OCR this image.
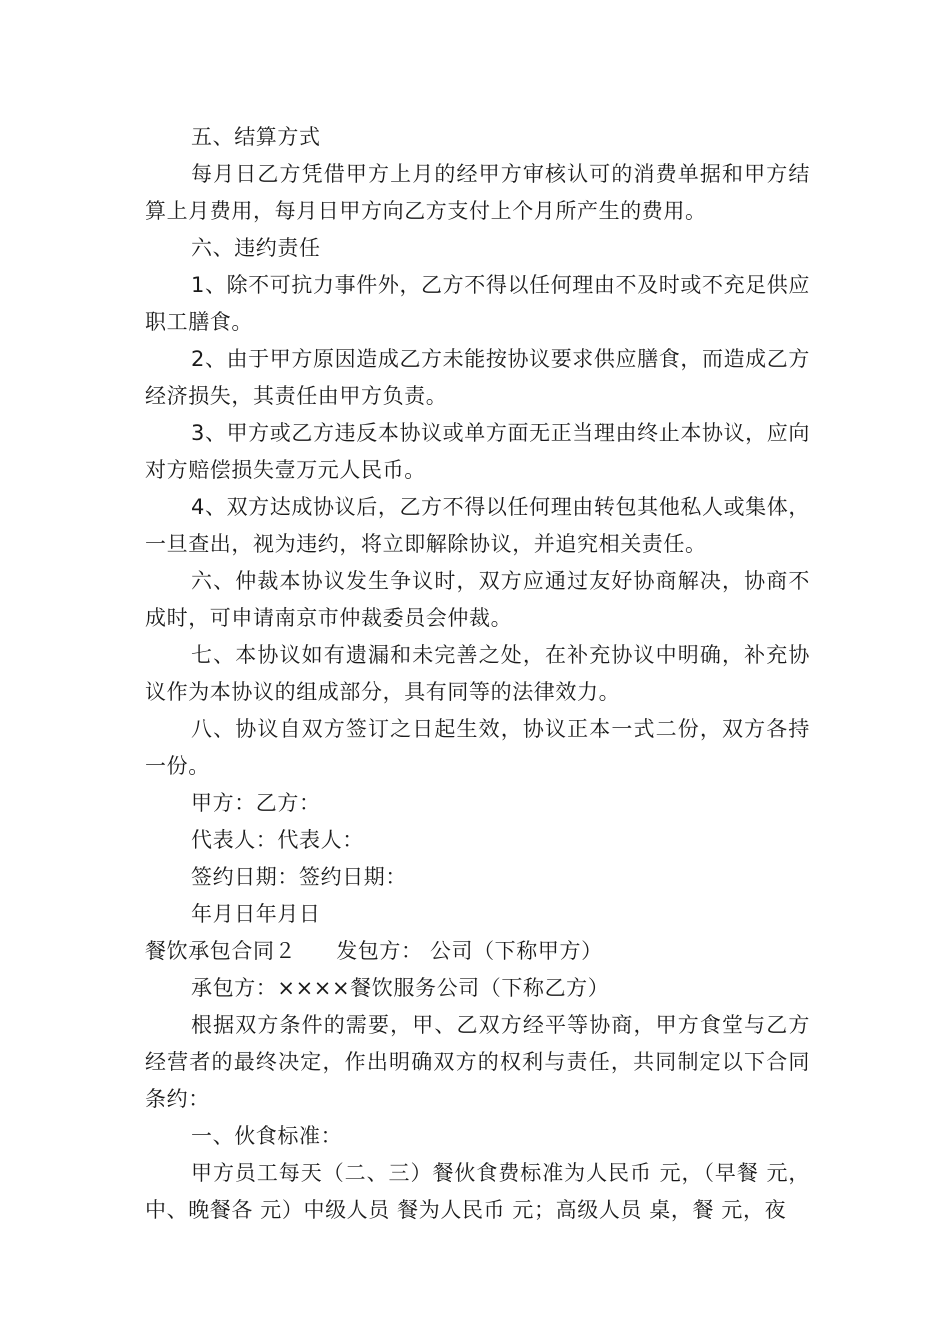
五、结算方式

每月日乙方凭借甲方上月的经甲方审核认可的消费单据和甲方结算上月费用，每月日甲方向乙方支付上个月所产生的费用。

六、违约责任

1、除不可抗力事件外，乙方不得以任何理由不及时或不充足供应职工膳食。

2、由于甲方原因造成乙方未能按协议要求供应膳食，而造成乙方经济损失，其责任由甲方负责。

3、甲方或乙方违反本协议或单方面无正当理由终止本协议，应向对方赔偿损失壹万元人民币。

4、双方达成协议后，乙方不得以任何理由转包其他私人或集体，一旦查出，视为违约，将立即解除协议，并追究相关责任。

六、仲裁本协议发生争议时，双方应通过友好协商解决，协商不成时，可申请南京市仲裁委员会仲裁。

七、本协议如有遗漏和未完善之处，在补充协议中明确，补充协议作为本协议的组成部分，具有同等的法律效力。

八、协议自双方签订之日起生效，协议正本一式二份，双方各持一份。

甲方：乙方：

代表人：代表人：

签约日期：签约日期：

年月日年月日

餐饮承包合同２ 发包方： 公司（下称甲方）

承包方：××××餐饮服务公司（下称乙方）

根据双方条件的需要，甲、乙双方经平等协商，甲方食堂与乙方经营者的最终决定，作出明确双方的权利与责任，共同制定以下合同条约：

一、伙食标准：

甲方员工每天（二、三）餐伙食费标准为人民币 元，（早餐 元，中、晚餐各 元）中级人员 餐为人民币 元；高级人员 桌，餐 元，夜
